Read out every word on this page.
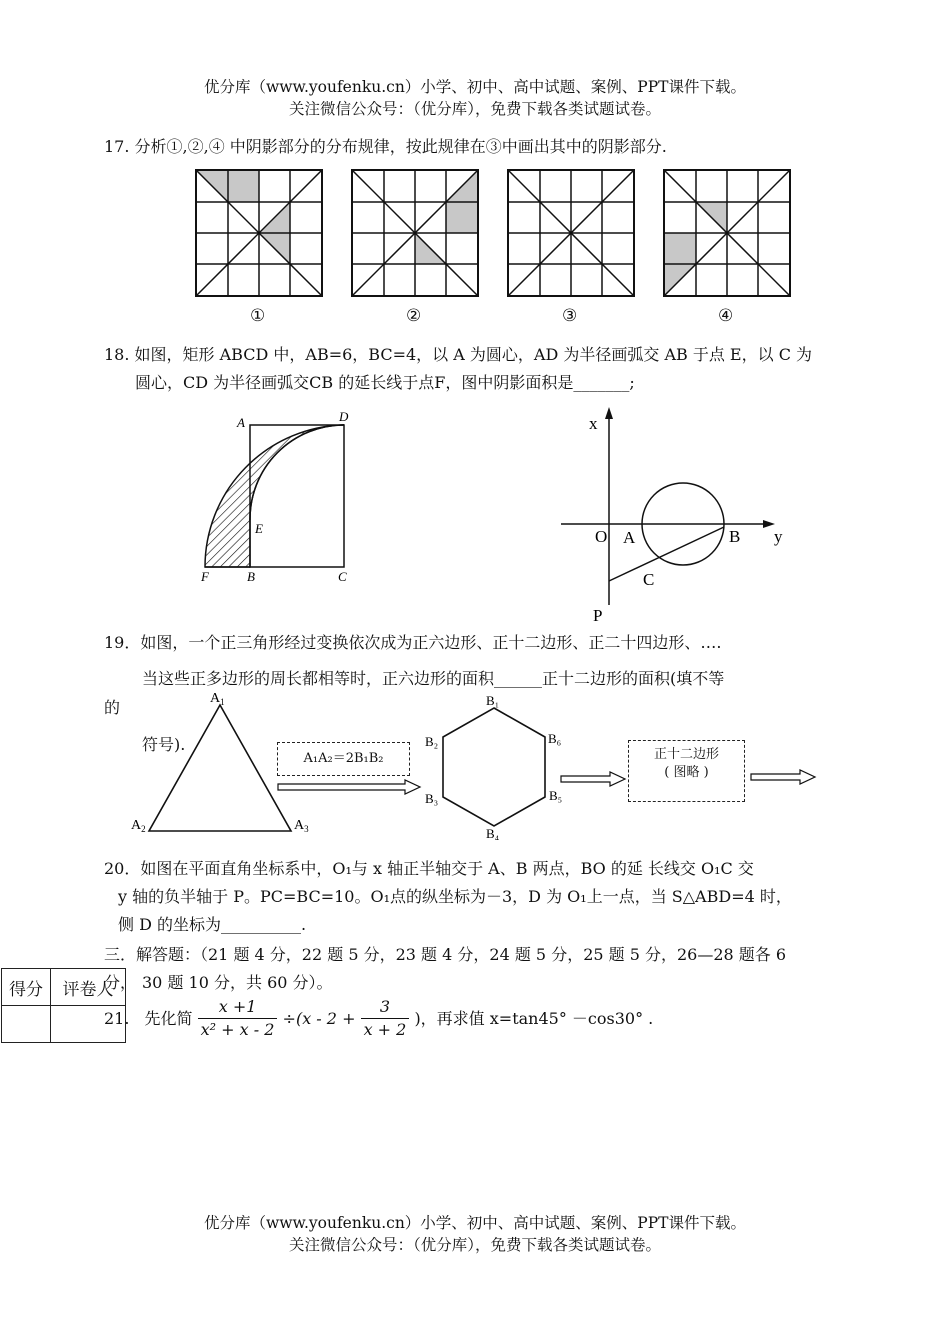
优分库（www.youfenku.cn）小学、初中、高中试题、案例、PPT课件下载。
关注微信公众号：（优分库），免费下载各类试题试卷。
17. 分析①,②,④ 中阴影部分的分布规律，按此规律在③中画出其中的阴影部分.
①	②	③	④
18. 如图，矩形 ABCD 中，AB=6，BC=4，以 A 为圆心，AD 为半径画弧交 AB 于点 E，以 C 为
圆心，CD 为半径画弧交CB 的延长线于点F，图中阴影面积是_______;
A	D
E
F	B	C
x
y
O A	B
C
P
19．如图，一个正三角形经过变换依次成为正六边形、正十二边形、正二十四边形、….
当这些正多边形的周长都相等时，正六边形的面积______正十二边形的面积(填不等
的
符号).
$A_1$
$A_2$	$A_3$
A₁A₂＝2B₁B₂
B₁
B₂
B₃
B₄
B₅
B₆
正十二边形
( 图略 )
20．如图在平面直角坐标系中，O₁与 x 轴正半轴交于 A、B 两点，BO 的延 长线交 O₁C 交
y 轴的负半轴于 P。PC=BC=10。O₁点的纵坐标为－3，D 为 O₁上一点，当 S△ABD=4 时，
侧 D 的坐标为__________.
三．解答题：（21 题 4 分，22 题 5 分，23 题 4 分，24 题 5 分，25 题 5 分，26—28 题各 6
分， 30 题 10 分，共 60 分）。
得分	评卷人

21. 先化简 $\frac{x +1}{\text{x² + x - 2}} \div(x - 2 + \frac{3}{x + 2}$ )，再求值 x=tan45° －cos30° .
优分库（www.youfenku.cn）小学、初中、高中试题、案例、PPT课件下载。
关注微信公众号：（优分库），免费下载各类试题试卷。
